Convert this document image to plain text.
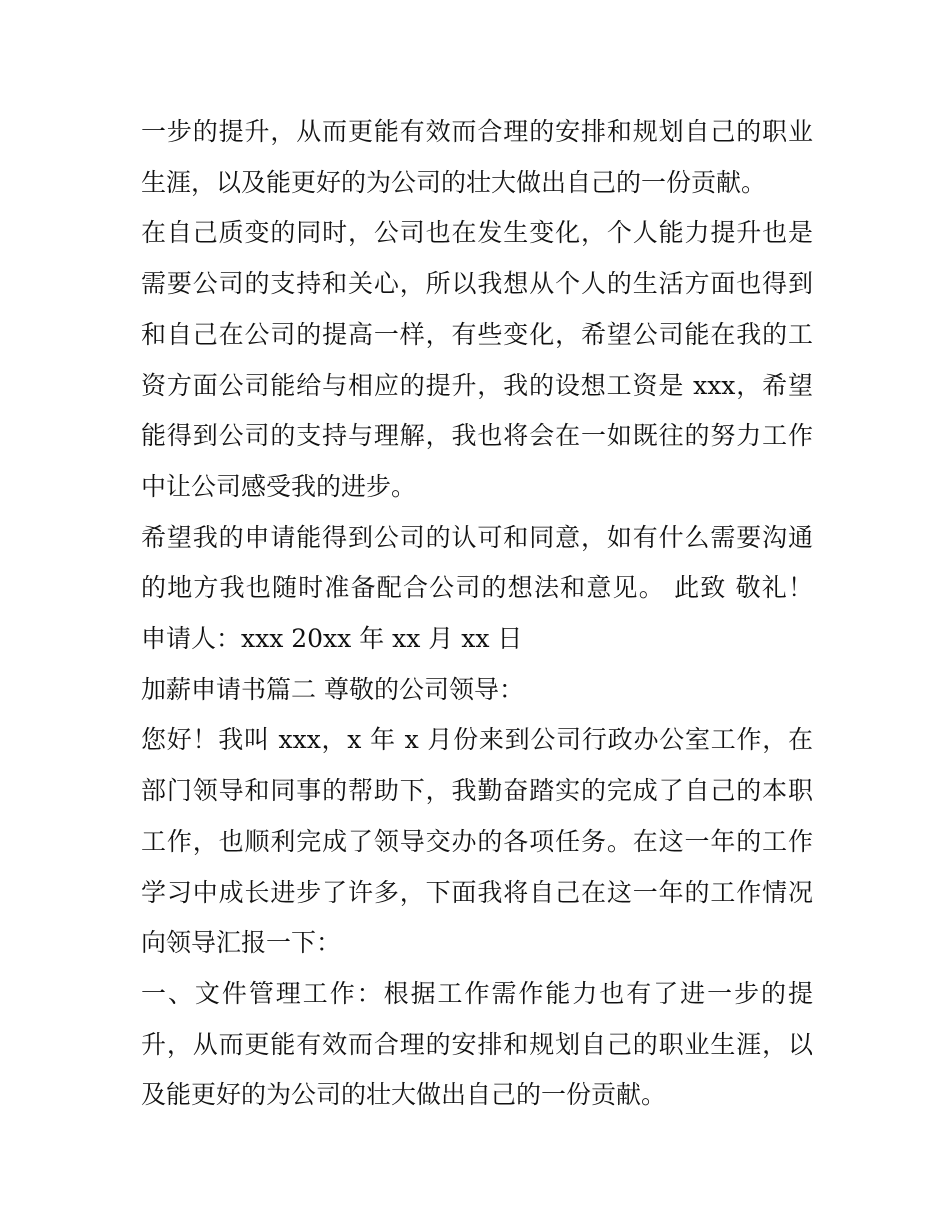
一步的提升，从而更能有效而合理的安排和规划自己的职业生涯，以及能更好的为公司的壮大做出自己的一份贡献。

在自己质变的同时，公司也在发生变化，个人能力提升也是需要公司的支持和关心，所以我想从个人的生活方面也得到和自己在公司的提高一样，有些变化，希望公司能在我的工资方面公司能给与相应的提升，我的设想工资是 xxx，希望能得到公司的支持与理解，我也将会在一如既往的努力工作中让公司感受我的进步。

希望我的申请能得到公司的认可和同意，如有什么需要沟通的地方我也随时准备配合公司的想法和意见。 此致 敬礼！ 申请人：xxx 20xx 年 xx 月 xx 日

加薪申请书篇二 尊敬的公司领导：

您好！我叫 xxx，x 年 x 月份来到公司行政办公室工作，在部门领导和同事的帮助下，我勤奋踏实的完成了自己的本职工作，也顺利完成了领导交办的各项任务。在这一年的工作学习中成长进步了许多，下面我将自己在这一年的工作情况向领导汇报一下：

一、文件管理工作：根据工作需作能力也有了进一步的提升，从而更能有效而合理的安排和规划自己的职业生涯，以及能更好的为公司的壮大做出自己的一份贡献。
